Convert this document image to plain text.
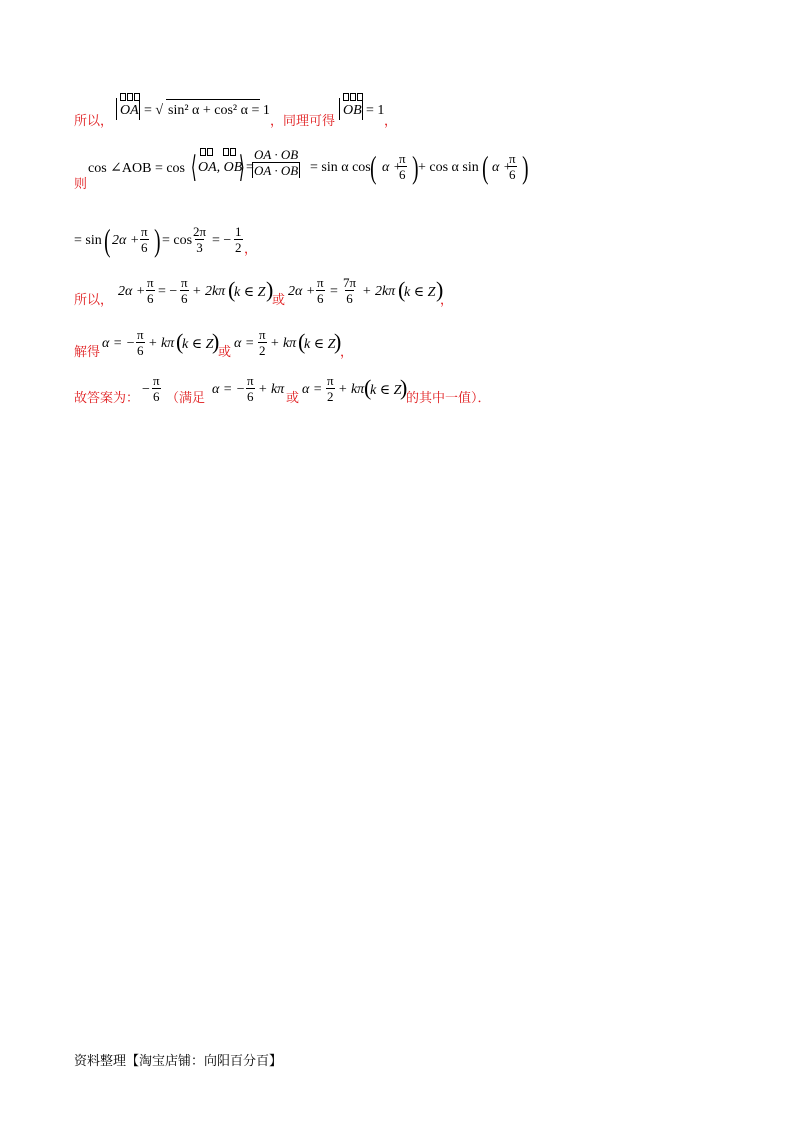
所以，
OA = √ sin² α + cos² α = 1
，同理可得
OB = 1
，
则
cos ∠AOB = cos ⟨ OA, OB
⟩ =
$\frac{OA \cdot OB}{OA \cdot OB} = \sin \alpha$ cos ( α +
$\frac{\pi}{6}$ ) + cos α sin ( α +
$\frac{\pi}{6}$ )
= sin ( $2\alpha + \frac{\pi}{6}$ ) = $\cos \frac{2\pi}{3}$ = − $\frac{1}{2}$ ，
所以，
$2\alpha + \frac{\pi}{6}$ = − $\frac{\pi}{6} + 2k\pi$ (
k ∈ Z )
或
$2\alpha + \frac{\pi}{6} = \frac{7\pi}{6} + 2k\pi$ (
k ∈ Z )
，
解得
α = − $\frac{\pi}{6} + k\pi$ (
k ∈ Z
)
或
$\alpha = \frac{\pi}{2} + k\pi$ (
k ∈ Z
)
，
故答案为：
− $\frac{\pi}{6}$ （满足
α = − $\frac{\pi}{6} + k\pi$
或
$\alpha = \frac{\pi}{2} + k\pi$ (
k ∈ Z
)
的其中一值）．
资料整理【淘宝店铺：向阳百分百】
